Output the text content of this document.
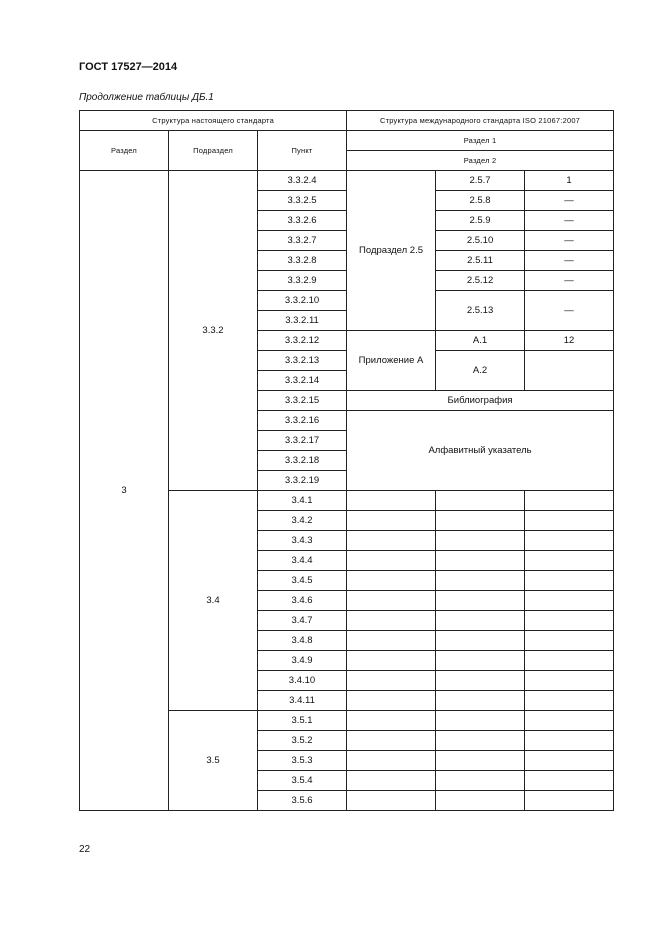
ГОСТ 17527—2014
Продолжение таблицы ДБ.1
Структура настоящего стандарта			Структура международного стандарта ISO 21067:2007		
Раздел	Подраздел	Пункт	Раздел 1		
			Раздел 2		
3	3.3.2	3.3.2.4	Подраздел 2.5	2.5.7	1
		3.3.2.5		2.5.8	—
		3.3.2.6		2.5.9	—
		3.3.2.7		2.5.10	—
		3.3.2.8		2.5.11	—
		3.3.2.9		2.5.12	—
		3.3.2.10		2.5.13	—
		3.3.2.11			
		3.3.2.12	Приложение А	А.1	12
		3.3.2.13		А.2	
		3.3.2.14			
		3.3.2.15	Библиография		
		3.3.2.16	Алфавитный указатель		
		3.3.2.17			
		3.3.2.18			
		3.3.2.19			
	3.4	3.4.1			
		3.4.2			
		3.4.3			
		3.4.4			
		3.4.5			
		3.4.6			
		3.4.7			
		3.4.8			
		3.4.9			
		3.4.10			
		3.4.11			
	3.5	3.5.1			
		3.5.2			
		3.5.3			
		3.5.4			
		3.5.6			
22
